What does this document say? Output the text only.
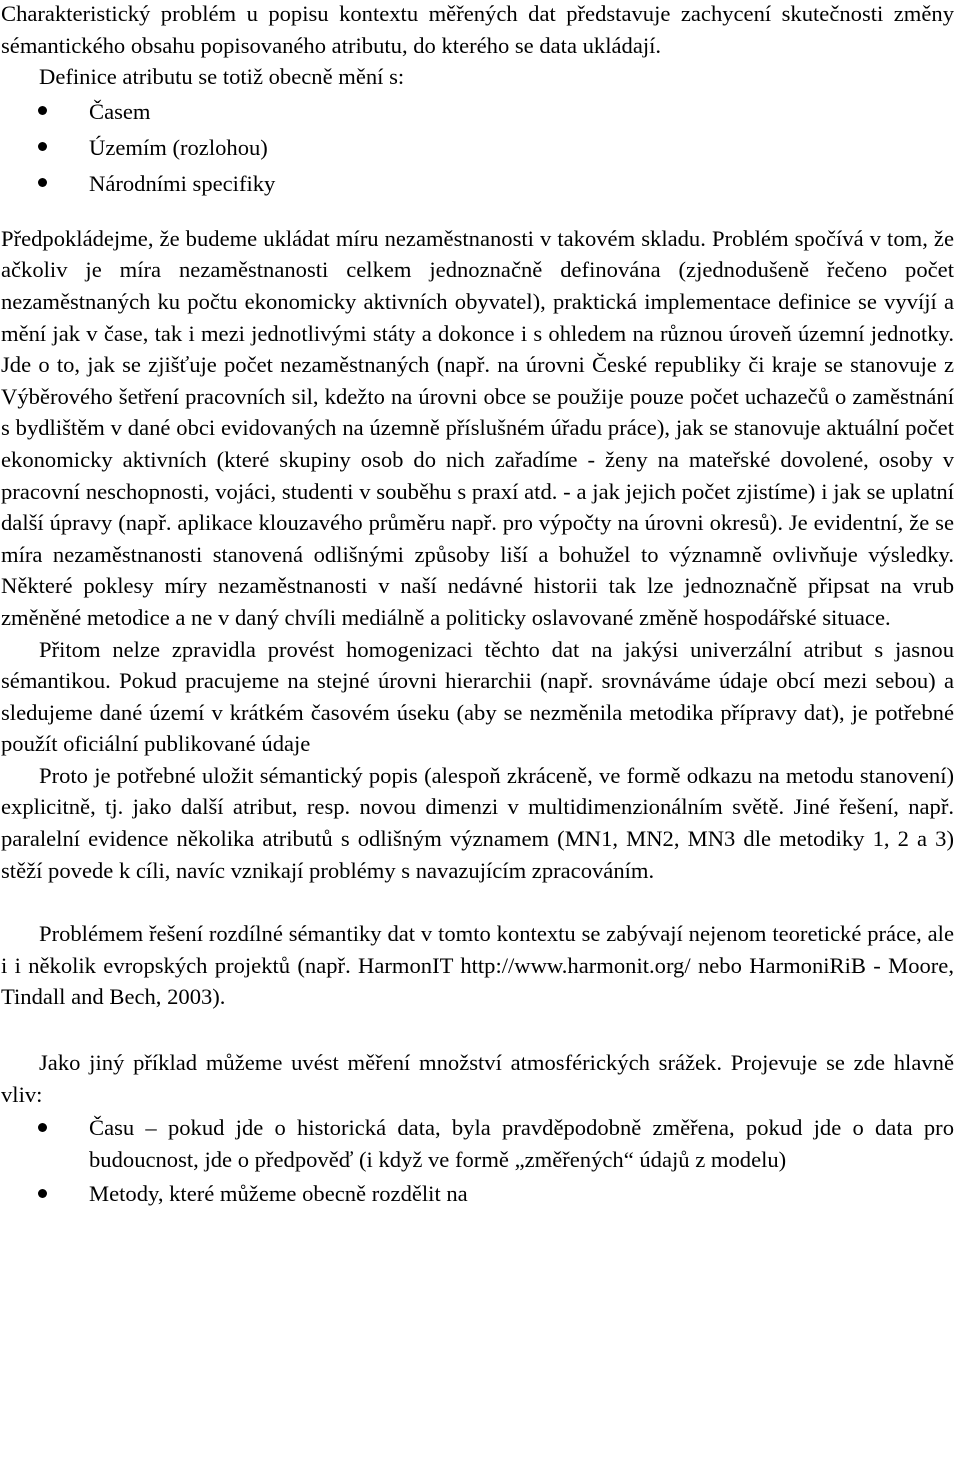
Charakteristický problém u popisu kontextu měřených dat představuje zachycení skutečnosti změny sémantického obsahu popisovaného atributu, do kterého se data ukládají.

Definice atributu se totiž obecně mění s:

Časem
Územím (rozlohou)
Národními specifiky

Předpokládejme, že budeme ukládat míru nezaměstnanosti v takovém skladu. Problém spočívá v tom, že ačkoliv je míra nezaměstnanosti celkem jednoznačně definována (zjednodušeně řečeno počet nezaměstnaných ku počtu ekonomicky aktivních obyvatel), praktická implementace definice se vyvíjí a mění jak v čase, tak i mezi jednotlivými státy a dokonce i s ohledem na různou úroveň územní jednotky. Jde o to, jak se zjišťuje počet nezaměstnaných (např. na úrovni České republiky či kraje se stanovuje z Výběrového šetření pracovních sil, kdežto na úrovni obce se použije pouze počet uchazečů o zaměstnání s bydlištěm v dané obci evidovaných na územně příslušném úřadu práce), jak se stanovuje aktuální počet ekonomicky aktivních (které skupiny osob do nich zařadíme - ženy na mateřské dovolené, osoby v pracovní neschopnosti, vojáci, studenti v souběhu s praxí atd. - a jak jejich počet zjistíme) i jak se uplatní další úpravy (např. aplikace klouzavého průměru např. pro výpočty na úrovni okresů). Je evidentní, že se míra nezaměstnanosti stanovená odlišnými způsoby liší a bohužel to významně ovlivňuje výsledky. Některé poklesy míry nezaměstnanosti v naší nedávné historii tak lze jednoznačně připsat na vrub změněné metodice a ne v daný chvíli mediálně a politicky oslavované změně hospodářské situace.

Přitom nelze zpravidla provést homogenizaci těchto dat na jakýsi univerzální atribut s jasnou sémantikou. Pokud pracujeme na stejné úrovni hierarchii (např. srovnáváme údaje obcí mezi sebou) a sledujeme dané území v krátkém časovém úseku (aby se nezměnila metodika přípravy dat), je potřebné použít oficiální publikované údaje

Proto je potřebné uložit sémantický popis (alespoň zkráceně, ve formě odkazu na metodu stanovení) explicitně, tj. jako další atribut, resp. novou dimenzi v multidimenzionálním světě. Jiné řešení, např. paralelní evidence několika atributů s odlišným významem (MN1, MN2, MN3 dle metodiky 1, 2 a 3) stěží povede k cíli, navíc vznikají problémy s navazujícím zpracováním.

Problémem řešení rozdílné sémantiky dat v tomto kontextu se zabývají nejenom teoretické práce, ale i i několik evropských projektů (např. HarmonIT http://www.harmonit.org/ nebo HarmoniRiB - Moore, Tindall and Bech, 2003).

Jako jiný příklad můžeme uvést měření množství atmosférických srážek. Projevuje se zde hlavně vliv:

Času – pokud jde o historická data, byla pravděpodobně změřena, pokud jde o data pro budoucnost, jde o předpověď (i když ve formě „změřených“ údajů z modelu)
Metody, které můžeme obecně rozdělit na
